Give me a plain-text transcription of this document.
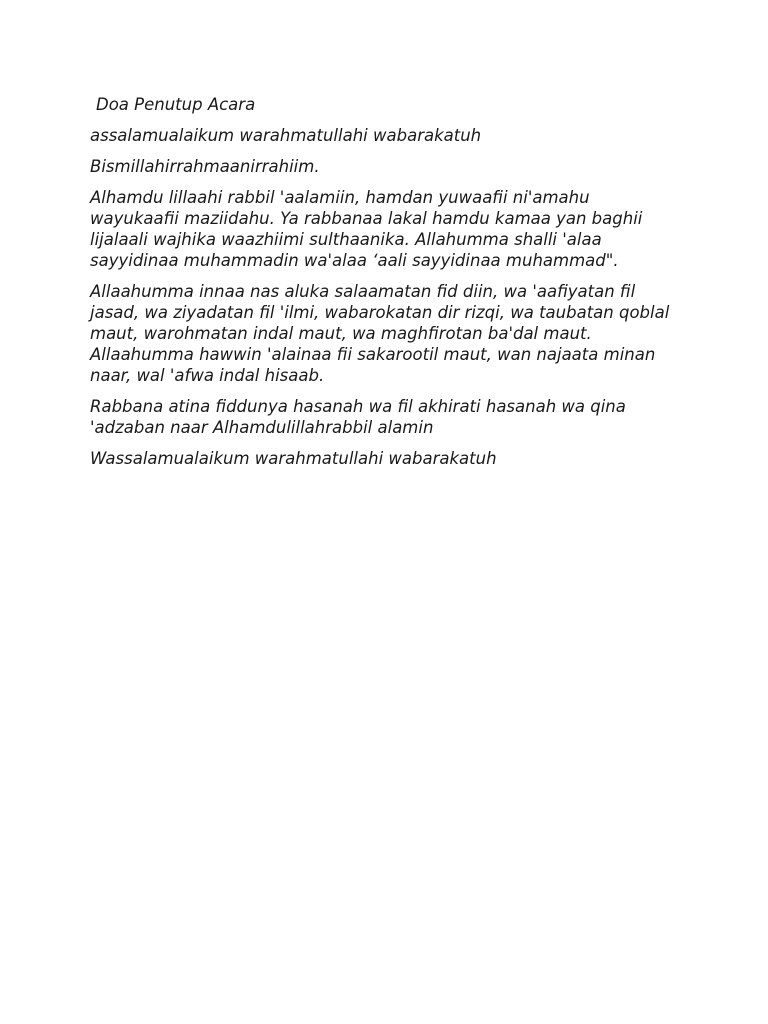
Doa Penutup Acara
assalamualaikum warahmatullahi wabarakatuh
Bismillahirrahmaanirrahiim.
Alhamdu lillaahi rabbil 'aalamiin, hamdan yuwaafii ni'amahu wayukaafii maziidahu. Ya rabbanaa lakal hamdu kamaa yan baghii lijalaali wajhika waazhiimi sulthaanika. Allahumma shalli 'alaa sayyidinaa muhammadin wa'alaa ‘aali sayyidinaa muhammad".
Allaahumma innaa nas aluka salaamatan fid diin, wa 'aafiyatan fil jasad, wa ziyadatan fil 'ilmi, wabarokatan dir rizqi, wa taubatan qoblal maut, warohmatan indal maut, wa maghfirotan ba'dal maut. Allaahumma hawwin 'alainaa fii sakarootil maut, wan najaata minan naar, wal 'afwa indal hisaab.
Rabbana atina fiddunya hasanah wa fil akhirati hasanah wa qina 'adzaban naar Alhamdulillahrabbil alamin
Wassalamualaikum warahmatullahi wabarakatuh
